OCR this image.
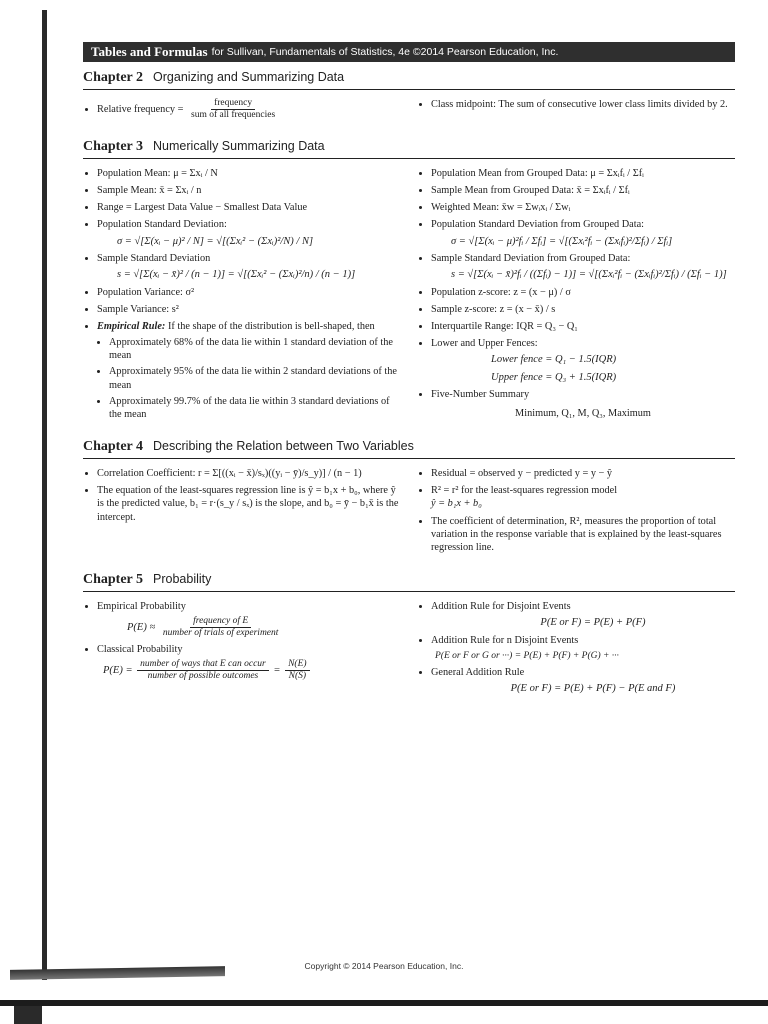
Tables and Formulas for Sullivan, Fundamentals of Statistics, 4e ©2014 Pearson Education, Inc.
Chapter 2 Organizing and Summarizing Data
• Relative frequency = $\frac{\text{frequency}}{\text{sum of all frequencies}}$
•	Class midpoint: The sum of consecutive lower class limits divided by 2.
Chapter 3 Numerically Summarizing Data
• Population Mean: μ = Σxᵢ / N
• Sample Mean: x̄ = Σxᵢ / n
• Range = Largest Data Value − Smallest Data Value
• Population Standard Deviation:
σ = √[Σ(xᵢ − μ)² / N] = √[(Σxᵢ² − (Σxᵢ)²/N) / N]
• Sample Standard Deviation
s = √[Σ(xᵢ − x̄)² / (n − 1)] = √[(Σxᵢ² − (Σxᵢ)²/n) / (n − 1)]
• Population Variance: σ²
• Sample Variance: s²
• Empirical Rule: If the shape of the distribution is bell-shaped, then
• Approximately 68% of the data lie within 1 standard deviation of the mean
• Approximately 95% of the data lie within 2 standard deviations of the mean
• Approximately 99.7% of the data lie within 3 standard deviations of the mean
• Population Mean from Grouped Data: μ = Σxᵢfᵢ / Σfᵢ
• Sample Mean from Grouped Data: x̄ = Σxᵢfᵢ / Σfᵢ
• Weighted Mean: x̄w = Σwᵢxᵢ / Σwᵢ
• Population Standard Deviation from Grouped Data:
σ = √[Σ(xᵢ − μ)²fᵢ / Σfᵢ] = √[(Σxᵢ²fᵢ − (Σxᵢfᵢ)²/Σfᵢ) / Σfᵢ]
• Sample Standard Deviation from Grouped Data:
s = √[Σ(xᵢ − x̄)²fᵢ / ((Σfᵢ) − 1)] = √[(Σxᵢ²fᵢ − (Σxᵢfᵢ)²/Σfᵢ) / (Σfᵢ − 1)]
• Population z-score: z = (x − μ) / σ
• Sample z-score: z = (x − x̄) / s
• Interquartile Range: IQR = Q₃ − Q₁
• Lower and Upper Fences:
Lower fence = Q₁ − 1.5(IQR)
Upper fence = Q₃ + 1.5(IQR)
• Five-Number Summary
Minimum, Q₁, M, Q₃, Maximum
Chapter 4 Describing the Relation between Two Variables
• Correlation Coefficient: r = Σ[((xᵢ − x̄)/sₓ)((yᵢ − ȳ)/s_y)] / (n − 1)
• The equation of the least-squares regression line is ŷ = b₁x + b₀, where ŷ is the predicted value, b₁ = r·(s_y / sₓ) is the slope, and b₀ = ȳ − b₁x̄ is the intercept.
• Residual = observed y − predicted y = y − ŷ
• R² = r² for the least-squares regression model
ŷ = b₁x + b₀
• The coefficient of determination, R², measures the proportion of total variation in the response variable that is explained by the least-squares regression line.
Chapter 5 Probability
• Empirical Probability
$P(E) \approx \frac{\text{frequency of E}}{\text{number of trials of experiment}}$
• Classical Probability
$P(E) = \frac{\text{number of ways that E can occur}}{\text{number of possible outcomes}} = \frac{N(E)}{N(S)}$
• Addition Rule for Disjoint Events
P(E or F) = P(E) + P(F)
• Addition Rule for n Disjoint Events
P(E or F or G or ···) = P(E) + P(F) + P(G) + ···
• General Addition Rule
P(E or F) = P(E) + P(F) − P(E and F)
Copyright © 2014 Pearson Education, Inc.
